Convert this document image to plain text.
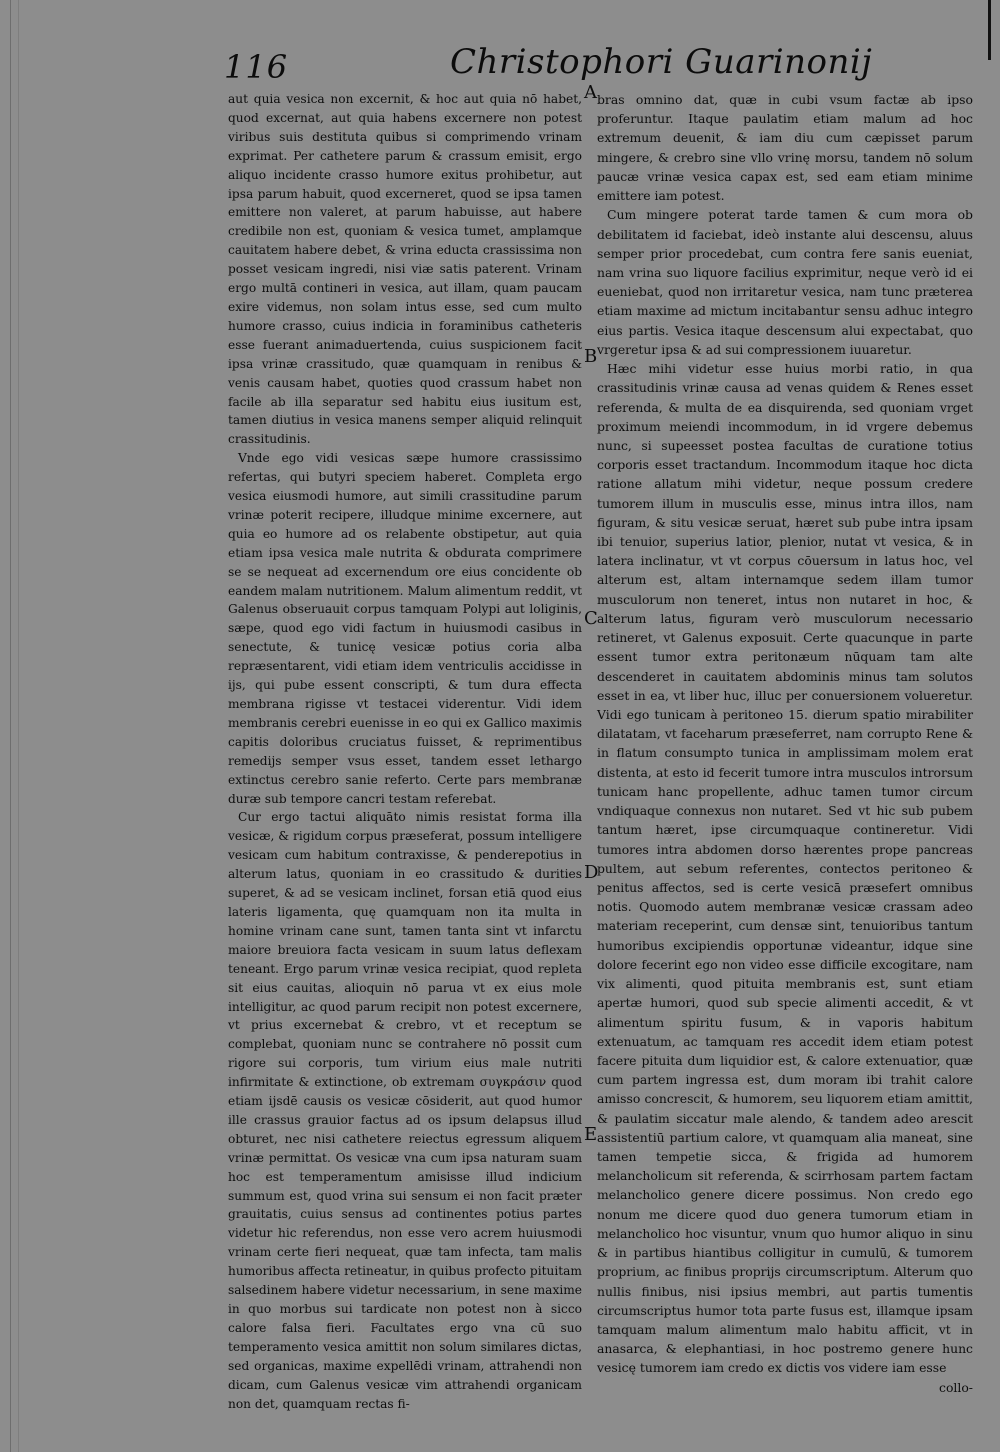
116	Christophori Guarinonij

aut quia vesica non excernit, & hoc aut quia nō habet, quod excernat, aut quia habens excernere non potest viribus suis destituta quibus si comprimendo vrinam exprimat. Per cathetere parum & crassum emisit, ergo aliquo incidente crasso humore exitus prohibetur, aut ipsa parum habuit, quod excerneret, quod se ipsa tamen emittere non valeret, at parum habuisse, aut habere credibile non est, quoniam & vesica tumet, amplamque cauitatem habere debet, & vrina educta crassissima non posset vesicam ingredi, nisi viæ satis paterent. Vrinam ergo multā contineri in vesica, aut illam, quam paucam exire videmus, non solam intus esse, sed cum multo humore crasso, cuius indicia in foraminibus catheteris esse fuerant animaduertenda, cuius suspicionem facit ipsa vrinæ crassitudo, quæ quamquam in renibus & venis causam habet, quoties quod crassum habet non facile ab illa separatur sed habitu eius iusitum est, tamen diutius in vesica manens semper aliquid relinquit crassitudinis.

Vnde ego vidi vesicas sæpe humore crassissimo refertas, qui butyri speciem haberet. Completa ergo vesica eiusmodi humore, aut simili crassitudine parum vrinæ poterit recipere, illudque minime excernere, aut quia eo humore ad os relabente obstipetur, aut quia etiam ipsa vesica male nutrita & obdurata comprimere se se nequeat ad excernendum ore eius concidente ob eandem malam nutritionem. Malum alimentum reddit, vt Galenus obseruauit corpus tamquam Polypi aut loliginis, sæpe, quod ego vidi factum in huiusmodi casibus in senectute, & tunicę vesicæ potius coria alba repræsentarent, vidi etiam idem ventriculis accidisse in ijs, qui pube essent conscripti, & tum dura effecta membrana rigisse vt testacei viderentur. Vidi idem membranis cerebri euenisse in eo qui ex Gallico maximis capitis doloribus cruciatus fuisset, & reprimentibus remedijs semper vsus esset, tandem esset lethargo extinctus cerebro sanie referto. Certe pars membranæ duræ sub tempore cancri testam referebat.

Cur ergo tactui aliquāto nimis resistat forma illa vesicæ, & rigidum corpus præseferat, possum intelligere vesicam cum habitum contraxisse, & penderepotius in alterum latus, quoniam in eo crassitudo & durities superet, & ad se vesicam inclinet, forsan etiā quod eius lateris ligamenta, quę quamquam non ita multa in homine vrinam cane sunt, tamen tanta sint vt infarctu maiore breuiora facta vesicam in suum latus deflexam teneant. Ergo parum vrinæ vesica recipiat, quod repleta sit eius cauitas, alioquin nō parua vt ex eius mole intelligitur, ac quod parum recipit non potest excernere, vt prius excernebat & crebro, vt et receptum se complebat, quoniam nunc se contrahere nō possit cum rigore sui corporis, tum virium eius male nutriti infirmitate & extinctione, ob extremam συγκράσιν quod etiam ijsdē causis os vesicæ cōsiderit, aut quod humor ille crassus grauior factus ad os ipsum delapsus illud obturet, nec nisi cathetere reiectus egressum aliquem vrinæ permittat. Os vesicæ vna cum ipsa naturam suam hoc est temperamentum amisisse illud indicium summum est, quod vrina sui sensum ei non facit præter grauitatis, cuius sensus ad continentes potius partes videtur hic referendus, non esse vero acrem huiusmodi vrinam certe fieri nequeat, quæ tam infecta, tam malis humoribus affecta retineatur, in quibus profecto pituitam salsedinem habere videtur necessarium, in sene maxime in quo morbus sui tardicate non potest non à sicco calore falsa fieri. Facultates ergo vna cū suo temperamento vesica amittit non solum similares dictas, sed organicas, maxime expellēdi vrinam, attrahendi non dicam, cum Galenus vesicæ vim attrahendi organicam non det, quamquam rectas fi-

A
B
C
D
E

bras omnino dat, quæ in cubi vsum factæ ab ipso proferuntur. Itaque paulatim etiam malum ad hoc extremum deuenit, & iam diu cum cæpisset parum mingere, & crebro sine vllo vrinę morsu, tandem nō solum paucæ vrinæ vesica capax est, sed eam etiam minime emittere iam potest.

Cum mingere poterat tarde tamen & cum mora ob debilitatem id faciebat, ideò instante alui descensu, aluus semper prior procedebat, cum contra fere sanis eueniat, nam vrina suo liquore facilius exprimitur, neque verò id ei eueniebat, quod non irritaretur vesica, nam tunc præterea etiam maxime ad mictum incitabantur sensu adhuc integro eius partis. Vesica itaque descensum alui expectabat, quo vrgeretur ipsa & ad sui compressionem iuuaretur.

Hæc mihi videtur esse huius morbi ratio, in qua crassitudinis vrinæ causa ad venas quidem & Renes esset referenda, & multa de ea disquirenda, sed quoniam vrget proximum meiendi incommodum, in id vrgere debemus nunc, si supeesset postea facultas de curatione totius corporis esset tractandum. Incommodum itaque hoc dicta ratione allatum mihi videtur, neque possum credere tumorem illum in musculis esse, minus intra illos, nam figuram, & situ vesicæ seruat, hæret sub pube intra ipsam ibi tenuior, superius latior, plenior, nutat vt vesica, & in latera inclinatur, vt vt corpus cōuersum in latus hoc, vel alterum est, altam internamque sedem illam tumor musculorum non teneret, intus non nutaret in hoc, & alterum latus, figuram verò musculorum necessario retineret, vt Galenus exposuit. Certe quacunque in parte essent tumor extra peritonæum nūquam tam alte descenderet in cauitatem abdominis minus tam solutos esset in ea, vt liber huc, illuc per conuersionem volueretur. Vidi ego tunicam à peritoneo 15. dierum spatio mirabiliter dilatatam, vt faceharum præseferret, nam corrupto Rene & in flatum consumpto tunica in amplissimam molem erat distenta, at esto id fecerit tumore intra musculos introrsum tunicam hanc propellente, adhuc tamen tumor circum vndiquaque connexus non nutaret. Sed vt hic sub pubem tantum hæret, ipse circumquaque contineretur. Vidi tumores intra abdomen dorso hærentes prope pancreas pultem, aut sebum referentes, contectos peritoneo & penitus affectos, sed is certe vesicā præsefert omnibus notis. Quomodo autem membranæ vesicæ crassam adeo materiam receperint, cum densæ sint, tenuioribus tantum humoribus excipiendis opportunæ videantur, idque sine dolore fecerint ego non video esse difficile excogitare, nam vix alimenti, quod pituita membranis est, sunt etiam apertæ humori, quod sub specie alimenti accedit, & vt alimentum spiritu fusum, & in vaporis habitum extenuatum, ac tamquam res accedit idem etiam potest facere pituita dum liquidior est, & calore extenuatior, quæ cum partem ingressa est, dum moram ibi trahit calore amisso concrescit, & humorem, seu liquorem etiam amittit, & paulatim siccatur male alendo, & tandem adeo arescit assistentiū partium calore, vt quamquam alia maneat, sine tamen tempetie sicca, & frigida ad humorem melancholicum sit referenda, & scirrhosam partem factam melancholico genere dicere possimus. Non credo ego nonum me dicere quod duo genera tumorum etiam in melancholico hoc visuntur, vnum quo humor aliquo in sinu & in partibus hiantibus colligitur in cumulū, & tumorem proprium, ac finibus proprijs circumscriptum. Alterum quo nullis finibus, nisi ipsius membri, aut partis tumentis circumscriptus humor tota parte fusus est, illamque ipsam tamquam malum alimentum malo habitu afficit, vt in anasarca, & elephantiasi, in hoc postremo genere hunc vesicę tumorem iam credo ex dictis vos videre iam esse

collo-
